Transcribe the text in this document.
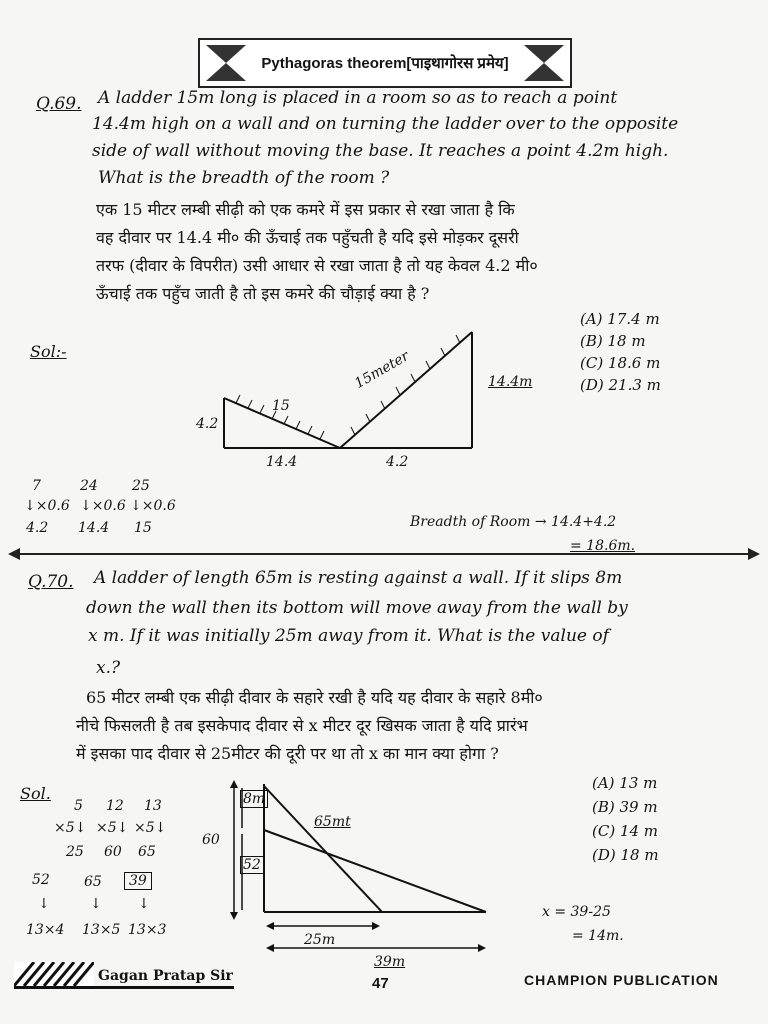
Pythagoras theorem[पाइथागोरस प्रमेय]
Q.69. A ladder 15m long is placed in a room so as to reach a point
14.4m high on a wall and on turning the ladder over to the opposite
side of wall without moving the base. It reaches a point 4.2m high.
What is the breadth of the room ?
एक 15 मीटर लम्बी सीढ़ी को एक कमरे में इस प्रकार से रखा जाता है कि
वह दीवार पर 14.4 मी० की ऊँचाई तक पहुँचती है यदि इसे मोड़कर दूसरी
तरफ (दीवार के विपरीत) उसी आधार से रखा जाता है तो यह केवल 4.2 मी०
ऊँचाई तक पहुँच जाती है तो इस कमरे की चौड़ाई क्या है ?
(A) 17.4 m
(B) 18 m
(C) 18.6 m
(D) 21.3 m
Sol:-
4.2
15
15meter	14.4m
14.4	4.2
7	24 25
↓×0.6 ↓×0.6 ↓×0.6
4.2 14.4 15	Breadth of Room → 14.4+4.2
= 18.6m.
Q.70. A ladder of length 65m is resting against a wall. If it slips 8m
down the wall then its bottom will move away from the wall by
x m. If it was initially 25m away from it. What is the value of
x.?
65 मीटर लम्बी एक सीढ़ी दीवार के सहारे रखी है यदि यह दीवार के सहारे 8मी०
नीचे फिसलती है तब इसकेपाद दीवार से x मीटर दूर खिसक जाता है यदि प्रारंभ
में इसका पाद दीवार से 25मीटर की दूरी पर था तो x का मान क्या होगा ?
(A) 13 m
(B) 39 m
(C) 14 m
(D) 18 m
Sol.
5 12 13
×5↓ ×5↓ ×5↓
25 60 65
52 65	39
↓	↓	↓
13×4 13×5 13×3
8m
60
52
65mt
25m
39m
x = 39-25
= 14m.
Gagan Pratap Sir	47	CHAMPION PUBLICATION
